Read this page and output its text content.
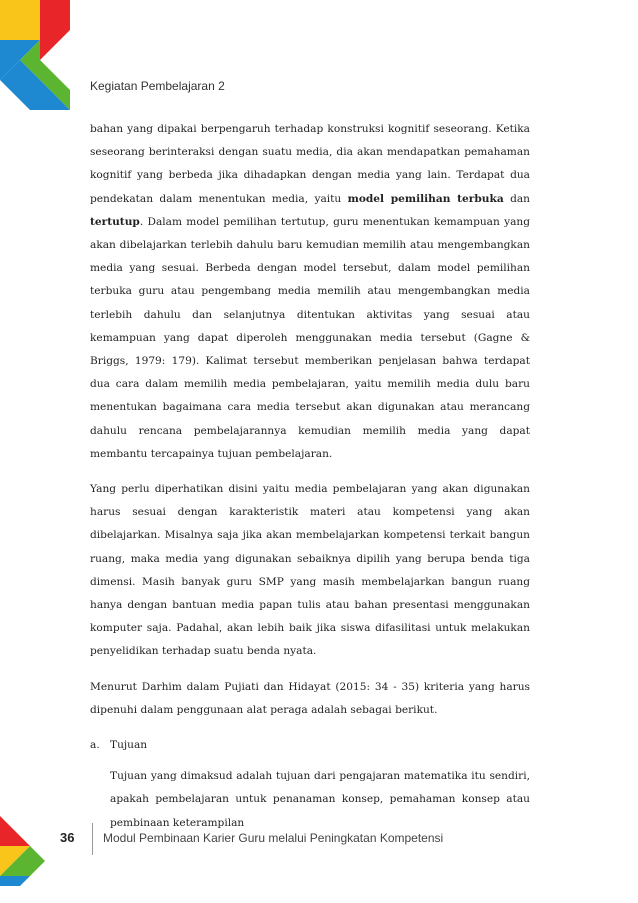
Kegiatan Pembelajaran 2

bahan yang dipakai berpengaruh terhadap konstruksi kognitif seseorang. Ketika seseorang berinteraksi dengan suatu media, dia akan mendapatkan pemahaman kognitif yang berbeda jika dihadapkan dengan media yang lain. Terdapat dua pendekatan dalam menentukan media, yaitu model pemilihan terbuka dan tertutup. Dalam model pemilihan tertutup, guru menentukan kemampuan yang akan dibelajarkan terlebih dahulu baru kemudian memilih atau mengembangkan media yang sesuai. Berbeda dengan model tersebut, dalam model pemilihan terbuka guru atau pengembang media memilih atau mengembangkan media terlebih dahulu dan selanjutnya ditentukan aktivitas yang sesuai atau kemampuan yang dapat diperoleh menggunakan media tersebut (Gagne & Briggs, 1979: 179). Kalimat tersebut memberikan penjelasan bahwa terdapat dua cara dalam memilih media pembelajaran, yaitu memilih media dulu baru menentukan bagaimana cara media tersebut akan digunakan atau merancang dahulu rencana pembelajarannya kemudian memilih media yang dapat membantu tercapainya tujuan pembelajaran.

Yang perlu diperhatikan disini yaitu media pembelajaran yang akan digunakan harus sesuai dengan karakteristik materi atau kompetensi yang akan dibelajarkan. Misalnya saja jika akan membelajarkan kompetensi terkait bangun ruang, maka media yang digunakan sebaiknya dipilih yang berupa benda tiga dimensi. Masih banyak guru SMP yang masih membelajarkan bangun ruang hanya dengan bantuan media papan tulis atau bahan presentasi menggunakan komputer saja. Padahal, akan lebih baik jika siswa difasilitasi untuk melakukan penyelidikan terhadap suatu benda nyata.

Menurut Darhim dalam Pujiati dan Hidayat (2015: 34 - 35) kriteria yang harus dipenuhi dalam penggunaan alat peraga adalah sebagai berikut.

a. Tujuan

Tujuan yang dimaksud adalah tujuan dari pengajaran matematika itu sendiri, apakah pembelajaran untuk penanaman konsep, pemahaman konsep atau pembinaan keterampilan

36 Modul Pembinaan Karier Guru melalui Peningkatan Kompetensi
